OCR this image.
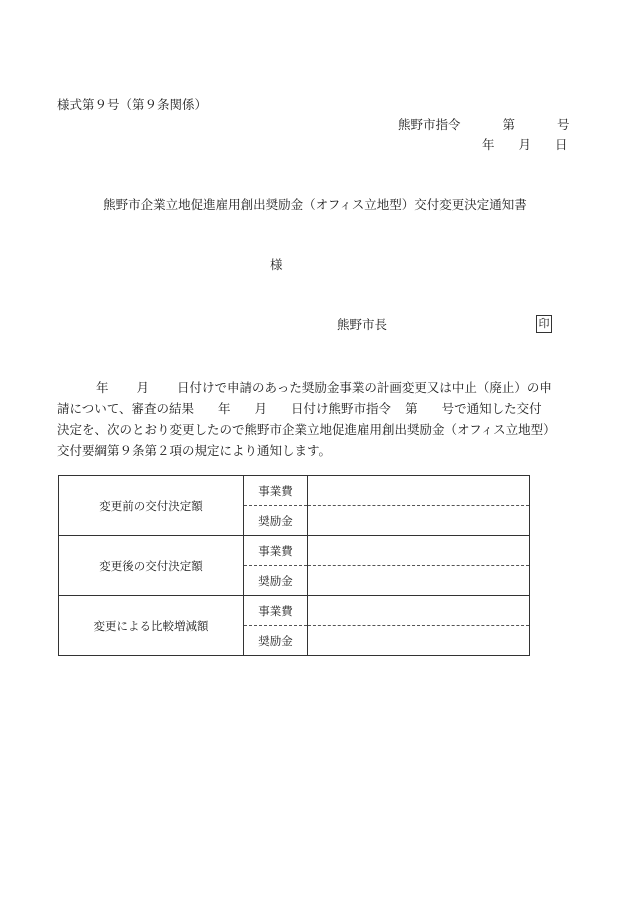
様式第９号（第９条関係）
熊野市指令	第	号
年 月 日
熊野市企業立地促進雇用創出奨励金（オフィス立地型）交付変更決定通知書
様
熊野市長	印
年 月 日付けで申請のあった奨励金事業の計画変更又は中止（廃止）の申
請について、審査の結果 年 月 日付け熊野市指令 第 号で通知した交付
決定を、次のとおり変更したので熊野市企業立地促進雇用創出奨励金（オフィス立地型）
交付要綱第９条第２項の規定により通知します。
変更前の交付決定額	事業費	
	奨励金	
変更後の交付決定額	事業費	
	奨励金	
変更による比較増減額	事業費	
	奨励金	
